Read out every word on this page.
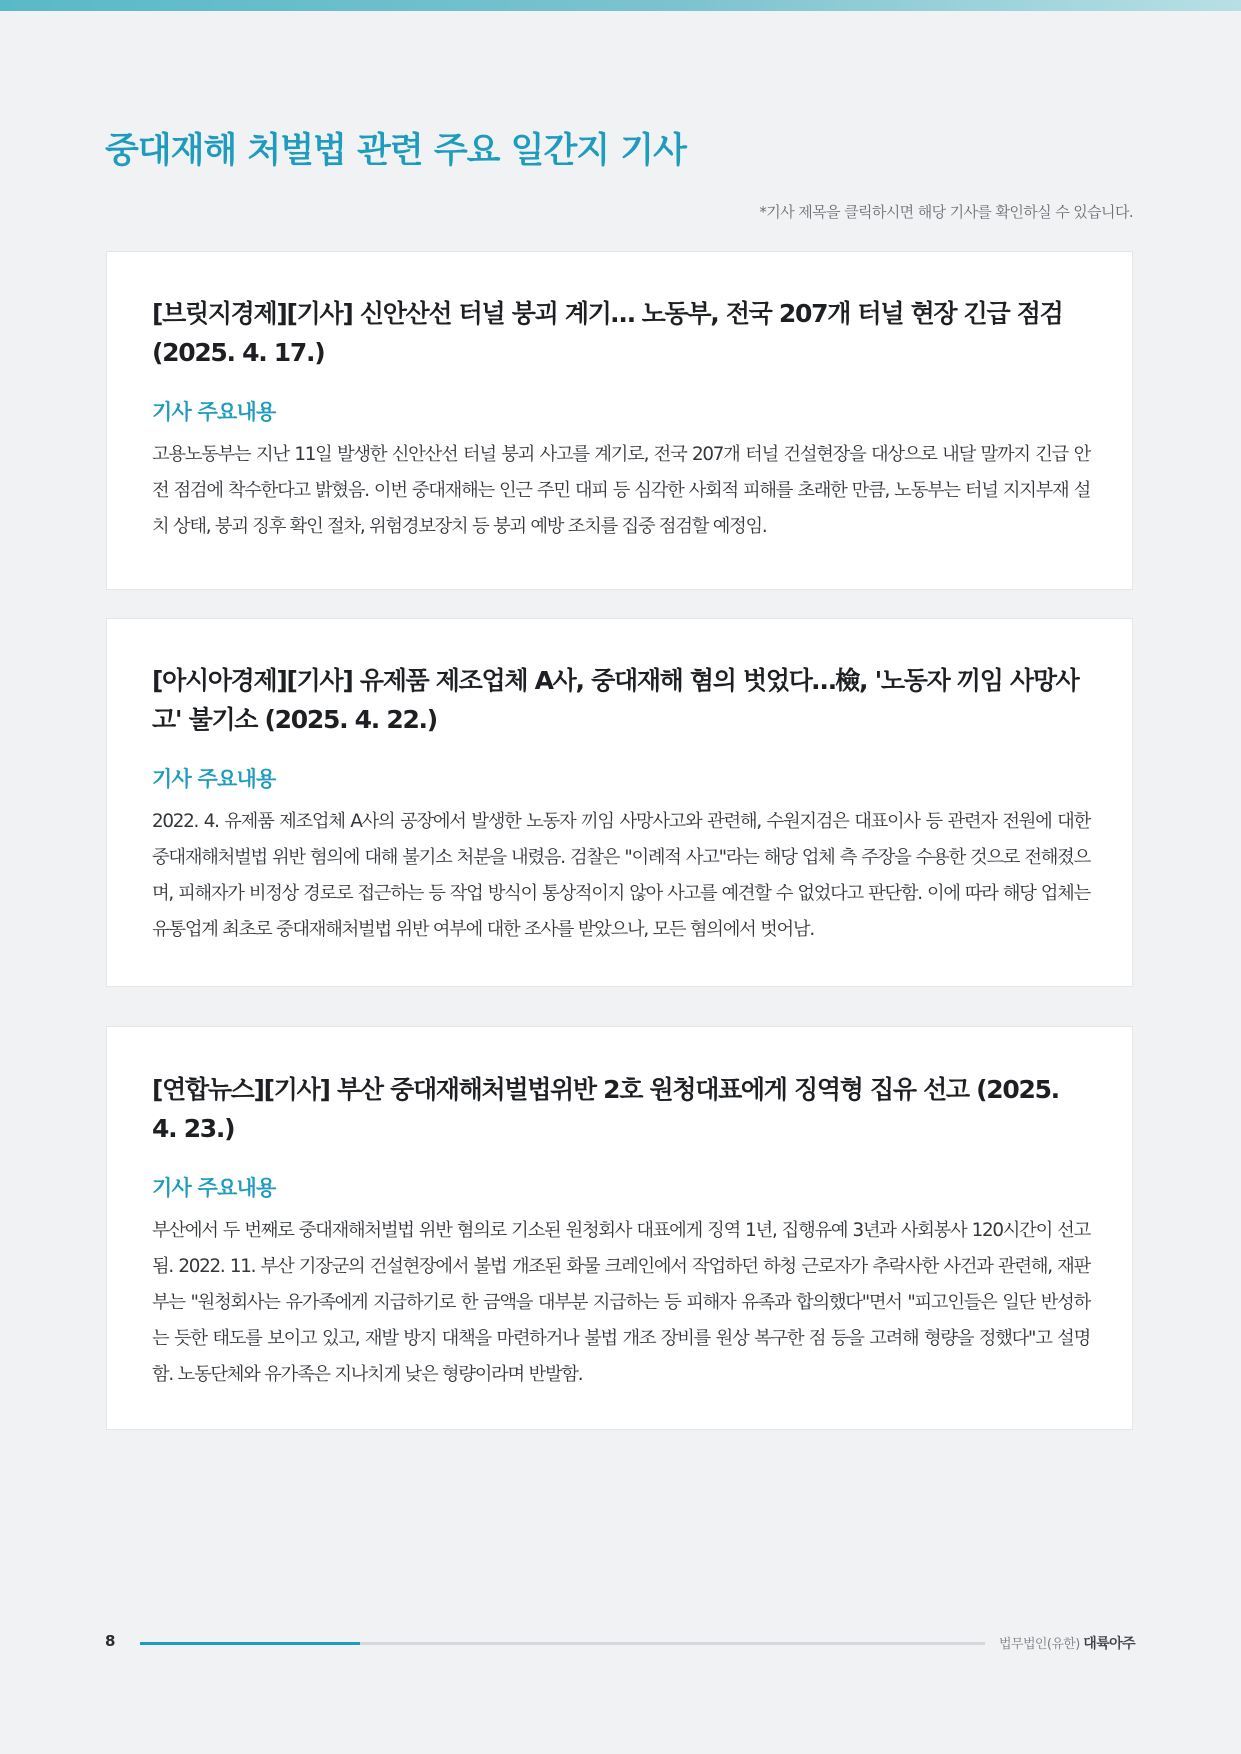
중대재해 처벌법 관련 주요 일간지 기사
*기사 제목을 클릭하시면 해당 기사를 확인하실 수 있습니다.
[브릿지경제][기사] 신안산선 터널 붕괴 계기… 노동부, 전국 207개 터널 현장 긴급 점검 (2025. 4. 17.)

기사 주요내용

고용노동부는 지난 11일 발생한 신안산선 터널 붕괴 사고를 계기로, 전국 207개 터널 건설현장을 대상으로 내달 말까지 긴급 안전 점검에 착수한다고 밝혔음. 이번 중대재해는 인근 주민 대피 등 심각한 사회적 피해를 초래한 만큼, 노동부는 터널 지지부재 설치 상태, 붕괴 징후 확인 절차, 위험경보장치 등 붕괴 예방 조치를 집중 점검할 예정임.

[아시아경제][기사] 유제품 제조업체 A사, 중대재해 혐의 벗었다…檢, '노동자 끼임 사망사고' 불기소 (2025. 4. 22.)

기사 주요내용

2022. 4. 유제품 제조업체 A사의 공장에서 발생한 노동자 끼임 사망사고와 관련해, 수원지검은 대표이사 등 관련자 전원에 대한 중대재해처벌법 위반 혐의에 대해 불기소 처분을 내렸음. 검찰은 "이례적 사고"라는 해당 업체 측 주장을 수용한 것으로 전해졌으며, 피해자가 비정상 경로로 접근하는 등 작업 방식이 통상적이지 않아 사고를 예견할 수 없었다고 판단함. 이에 따라 해당 업체는 유통업계 최초로 중대재해처벌법 위반 여부에 대한 조사를 받았으나, 모든 혐의에서 벗어남.

[연합뉴스][기사] 부산 중대재해처벌법위반 2호 원청대표에게 징역형 집유 선고 (2025. 4. 23.)

기사 주요내용

부산에서 두 번째로 중대재해처벌법 위반 혐의로 기소된 원청회사 대표에게 징역 1년, 집행유예 3년과 사회봉사 120시간이 선고됨. 2022. 11. 부산 기장군의 건설현장에서 불법 개조된 화물 크레인에서 작업하던 하청 근로자가 추락사한 사건과 관련해, 재판부는 "원청회사는 유가족에게 지급하기로 한 금액을 대부분 지급하는 등 피해자 유족과 합의했다"면서 "피고인들은 일단 반성하는 듯한 태도를 보이고 있고, 재발 방지 대책을 마련하거나 불법 개조 장비를 원상 복구한 점 등을 고려해 형량을 정했다"고 설명함. 노동단체와 유가족은 지나치게 낮은 형량이라며 반발함.

8	법무법인(유한) 대륙아주
